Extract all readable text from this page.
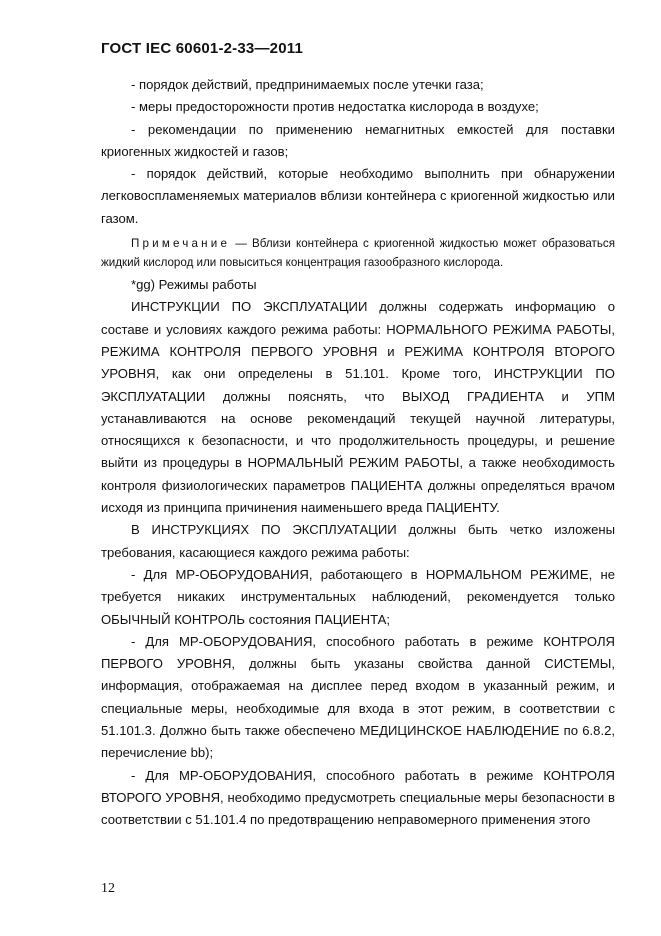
ГОСТ IEC 60601-2-33—2011

- порядок действий, предпринимаемых после утечки газа;

- меры предосторожности против недостатка кислорода в воздухе;

- рекомендации по применению немагнитных емкостей для поставки криогенных жидкостей и газов;

- порядок действий, которые необходимо выполнить при обнаружении легковоспламеняемых материалов вблизи контейнера с криогенной жидкостью или газом.

Примечание — Вблизи контейнера с криогенной жидкостью может образоваться жидкий кислород или повыситься концентрация газообразного кислорода.

*gg) Режимы работы

ИНСТРУКЦИИ ПО ЭКСПЛУАТАЦИИ должны содержать информацию о составе и условиях каждого режима работы: НОРМАЛЬНОГО РЕЖИМА РАБОТЫ, РЕЖИМА КОНТРОЛЯ ПЕРВОГО УРОВНЯ и РЕЖИМА КОНТРОЛЯ ВТОРОГО УРОВНЯ, как они определены в 51.101. Кроме того, ИНСТРУКЦИИ ПО ЭКСПЛУАТАЦИИ должны пояснять, что ВЫХОД ГРАДИЕНТА и УПМ устанавливаются на основе рекомендаций текущей научной литературы, относящихся к безопасности, и что продолжительность процедуры, и решение выйти из процедуры в НОРМАЛЬНЫЙ РЕЖИМ РАБОТЫ, а также необходимость контроля физиологических параметров ПАЦИЕНТА должны определяться врачом исходя из принципа причинения наименьшего вреда ПАЦИЕНТУ.

В ИНСТРУКЦИЯХ ПО ЭКСПЛУАТАЦИИ должны быть четко изложены требования, касающиеся каждого режима работы:

- Для МР-ОБОРУДОВАНИЯ, работающего в НОРМАЛЬНОМ РЕЖИМЕ, не требуется никаких инструментальных наблюдений, рекомендуется только ОБЫЧНЫЙ КОНТРОЛЬ состояния ПАЦИЕНТА;

- Для МР-ОБОРУДОВАНИЯ, способного работать в режиме КОНТРОЛЯ ПЕРВОГО УРОВНЯ, должны быть указаны свойства данной СИСТЕМЫ, информация, отображаемая на дисплее перед входом в указанный режим, и специальные меры, необходимые для входа в этот режим, в соответствии с 51.101.3. Должно быть также обеспечено МЕДИЦИНСКОЕ НАБЛЮДЕНИЕ по 6.8.2, перечисление bb);

- Для МР-ОБОРУДОВАНИЯ, способного работать в режиме КОНТРОЛЯ ВТОРОГО УРОВНЯ, необходимо предусмотреть специальные меры безопасности в соответствии с 51.101.4 по предотвращению неправомерного применения этого

12
